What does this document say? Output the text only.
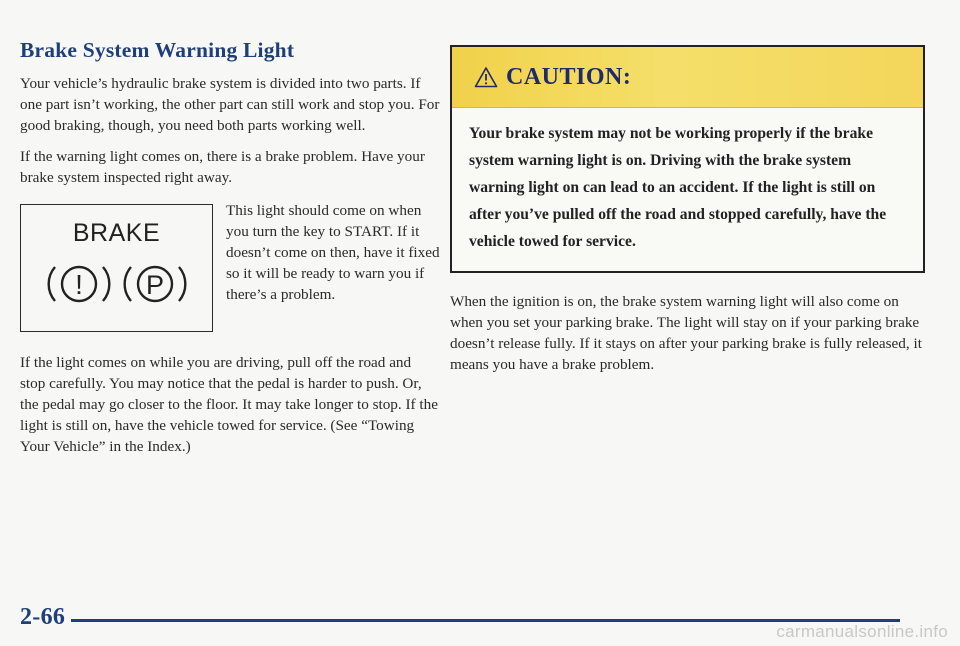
Brake System Warning Light

Your vehicle’s hydraulic brake system is divided into two parts. If one part isn’t working, the other part can still work and stop you. For good braking, though, you need both parts working well.

If the warning light comes on, there is a brake problem. Have your brake system inspected right away.

BRAKE
! P

This light should come on when you turn the key to START. If it doesn’t come on then, have it fixed so it will be ready to warn you if there’s a problem.

If the light comes on while you are driving, pull off the road and stop carefully. You may notice that the pedal is harder to push. Or, the pedal may go closer to the floor. It may take longer to stop. If the light is still on, have the vehicle towed for service. (See “Towing Your Vehicle” in the Index.)

CAUTION:
Your brake system may not be working properly if the brake system warning light is on. Driving with the brake system warning light on can lead to an accident. If the light is still on after you’ve pulled off the road and stopped carefully, have the vehicle towed for service.

When the ignition is on, the brake system warning light will also come on when you set your parking brake. The light will stay on if your parking brake doesn’t release fully. If it stays on after your parking brake is fully released, it means you have a brake problem.

2-66
carmanualsonline.info
